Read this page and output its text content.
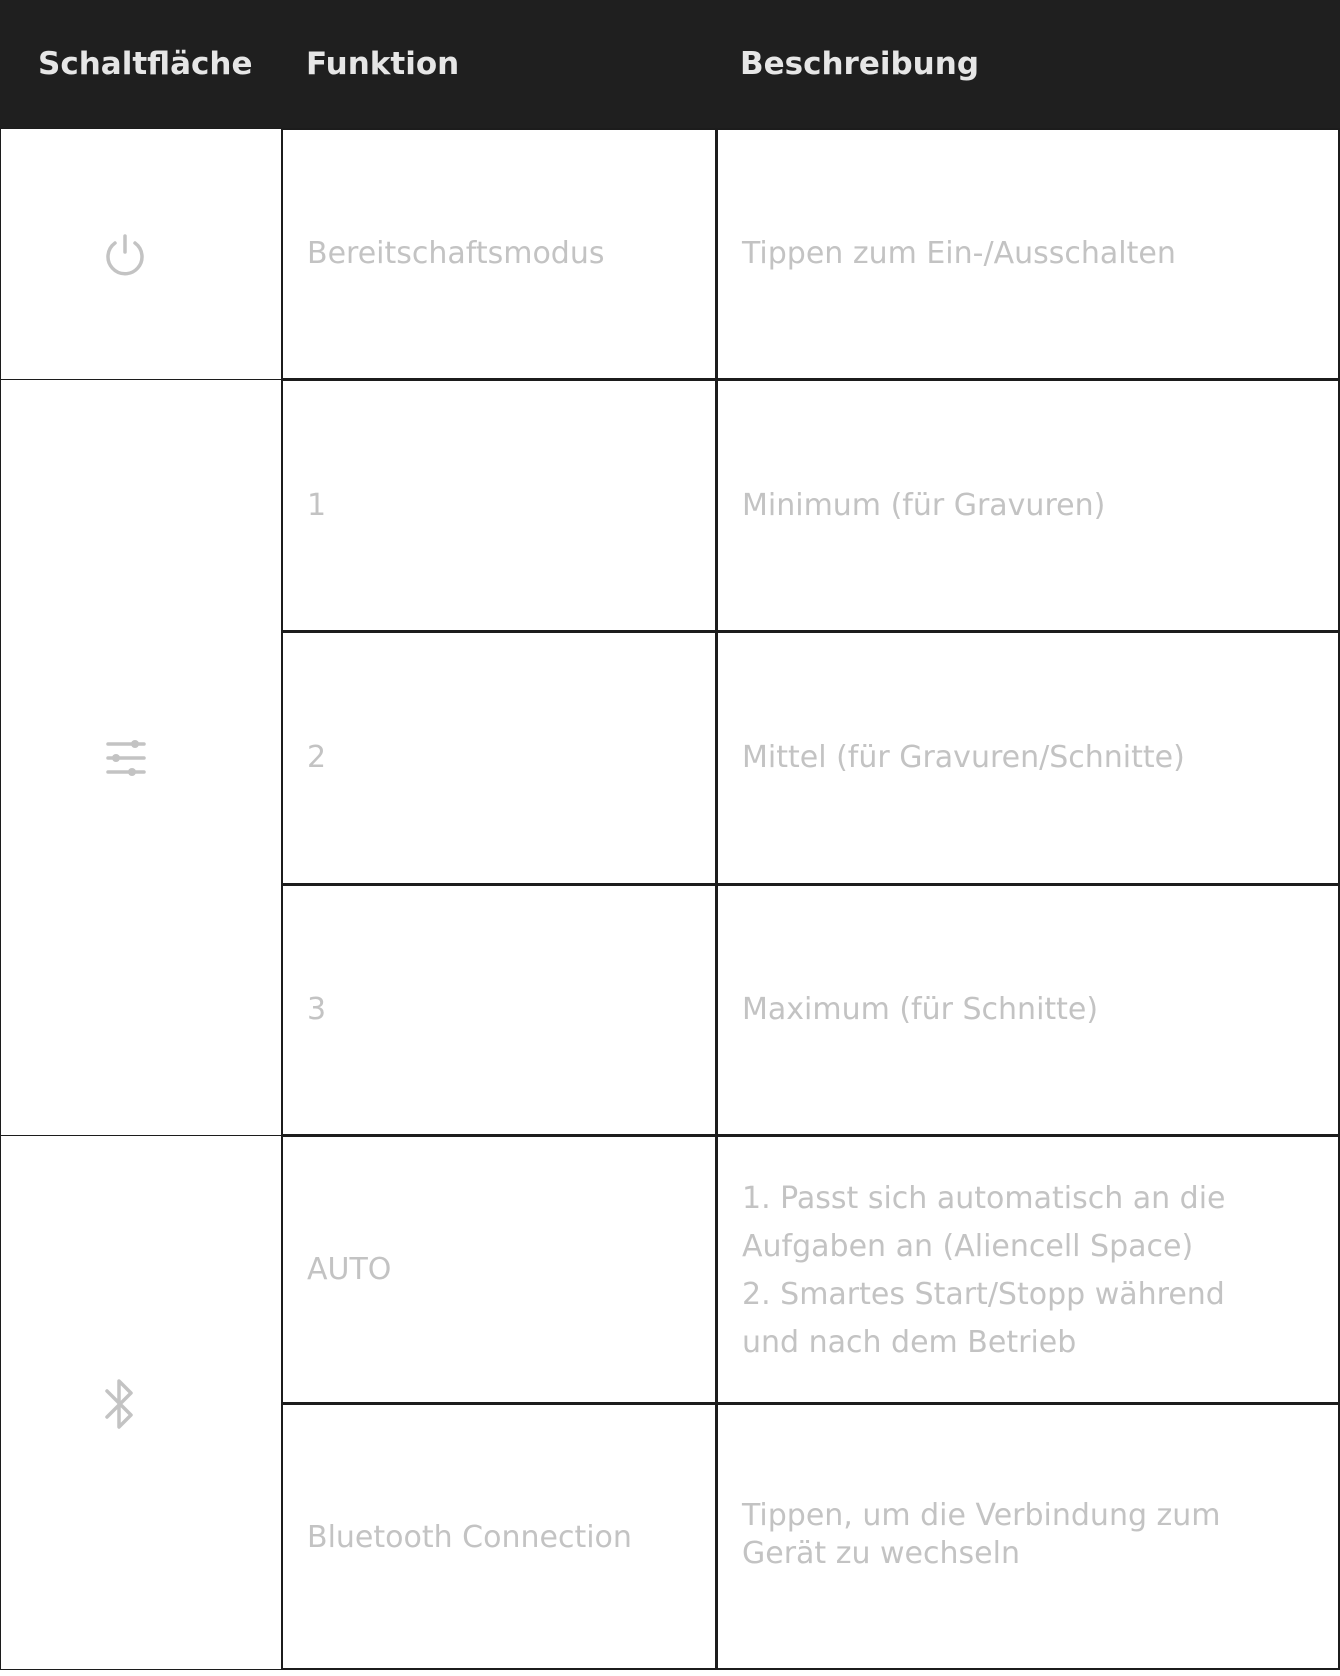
Schaltfläche Funktion	Beschreibung
Bereitschaftsmodus
1
2
3
AUTO
Bluetooth Connection
Tippen zum Ein-/Ausschalten
Minimum (für Gravuren)
Mittel (für Gravuren/Schnitte)
Maximum (für Schnitte)
1. Passt sich automatisch an die
Aufgaben an (Aliencell Space)
2. Smartes Start/Stopp während
und nach dem Betrieb
Tippen, um die Verbindung zum
Gerät zu wechseln
